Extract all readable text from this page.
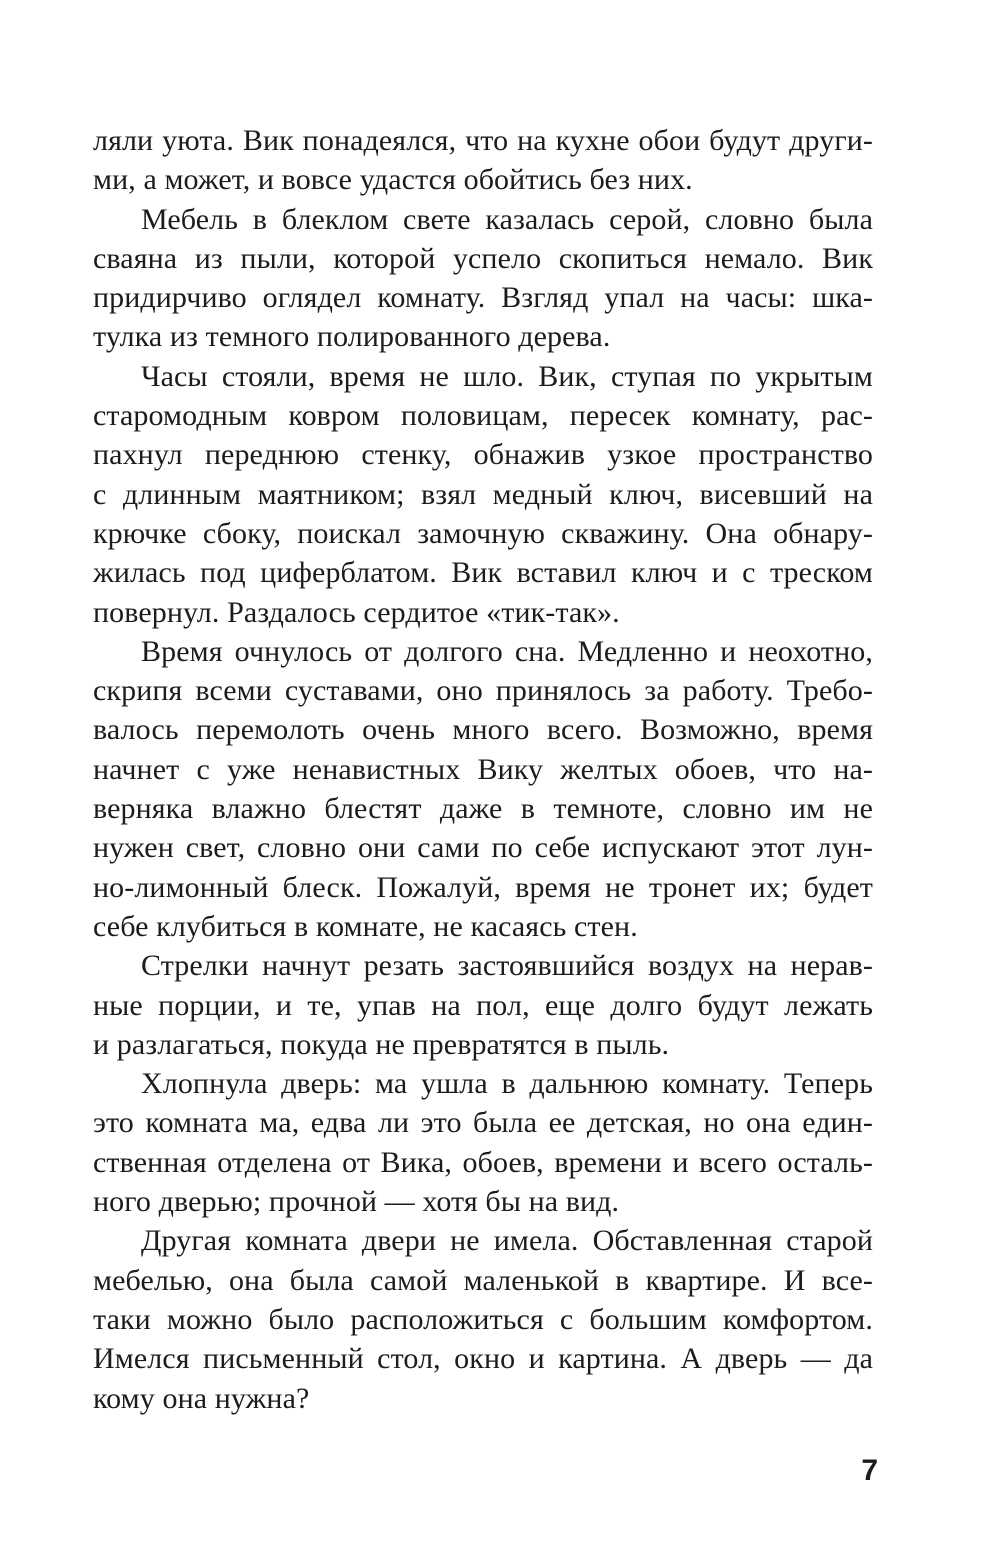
ляли уюта. Вик понадеялся, что на кухне обои будут други-
ми, а может, и вовсе удастся обойтись без них.
Мебель в блеклом свете казалась серой, словно была
сваяна из пыли, которой успело скопиться немало. Вик
придирчиво оглядел комнату. Взгляд упал на часы: шка-
тулка из темного полированного дерева.
Часы стояли, время не шло. Вик, ступая по укрытым
старомодным ковром половицам, пересек комнату, рас-
пахнул переднюю стенку, обнажив узкое пространство
с длинным маятником; взял медный ключ, висевший на
крючке сбоку, поискал замочную скважину. Она обнару-
жилась под циферблатом. Вик вставил ключ и с треском
повернул. Раздалось сердитое «тик-так».
Время очнулось от долгого сна. Медленно и неохотно,
скрипя всеми суставами, оно принялось за работу. Требо-
валось перемолоть очень много всего. Возможно, время
начнет с уже ненавистных Вику желтых обоев, что на-
верняка влажно блестят даже в темноте, словно им не
нужен свет, словно они сами по себе испускают этот лун-
но-лимонный блеск. Пожалуй, время не тронет их; будет
себе клубиться в комнате, не касаясь стен.
Стрелки начнут резать застоявшийся воздух на нерав-
ные порции, и те, упав на пол, еще долго будут лежать
и разлагаться, покуда не превратятся в пыль.
Хлопнула дверь: ма ушла в дальнюю комнату. Теперь
это комната ма, едва ли это была ее детская, но она един-
ственная отделена от Вика, обоев, времени и всего осталь-
ного дверью; прочной — хотя бы на вид.
Другая комната двери не имела. Обставленная старой
мебелью, она была самой маленькой в квартире. И все-
таки можно было расположиться с большим комфортом.
Имелся письменный стол, окно и картина. А дверь — да
кому она нужна?
7
